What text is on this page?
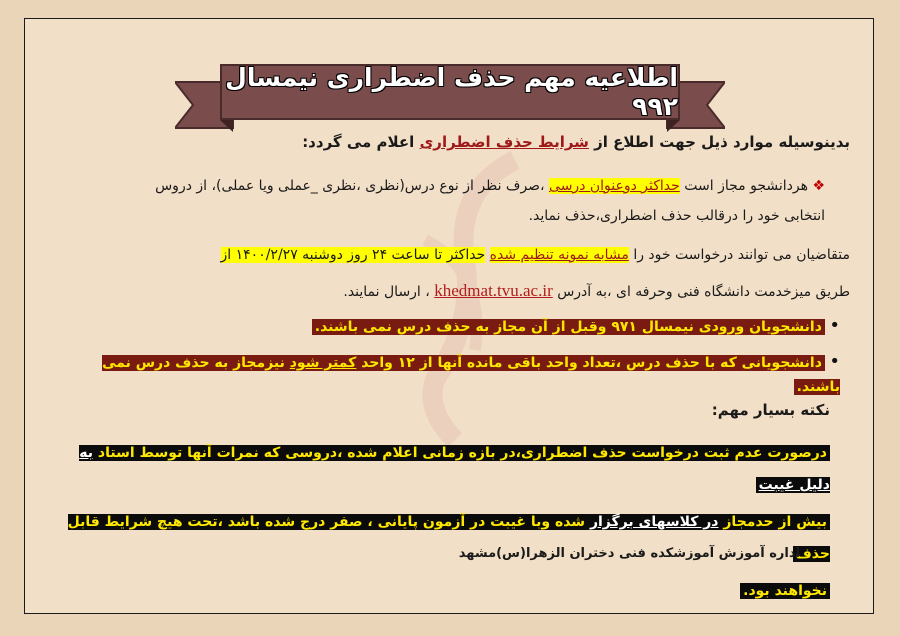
اطلاعیه مهم حذف اضطراری نیمسال ۹۹۲
بدینوسیله موارد ذیل جهت اطلاع از شرایط حذف اضطراری اعلام می گردد:
❖ هردانشجو مجاز است حداکثر دوعنوان درسی ،صرف نظر از نوع درس(نظری ،نظری _عملی ویا عملی)، از دروس
انتخابی خود را درقالب حذف اضطراری،حذف نماید.
متقاضیان می توانند درخواست خود را مشابه نمونه تنظیم شده حداکثر تا ساعت ۲۴ روز دوشنبه ۱۴۰۰/۲/۲۷ از
طریق میزخدمت دانشگاه فنی وحرفه ای ،به آدرس khedmat.tvu.ac.ir ، ارسال نمایند.
• دانشجویان ورودی نیمسال ۹۷۱ وقبل از آن مجاز به حذف درس نمی باشند.
• دانشجویانی که با حذف درس ،تعداد واحد باقی مانده آنها از ۱۲ واحد کمتر شود نیزمجاز به حذف درس نمی باشند.
نکته بسیار مهم:
درصورت عدم ثبت درخواست حذف اضطراری،در بازه زمانی اعلام شده ،دروسی که نمرات آنها توسط استاد به دلیل غیبت
بیش از حدمجاز در کلاسهای برگزار شده وبا غیبت در آزمون پایانی ، صفر درج شده باشد ،تحت هیچ شرایط قابل حذف
نخواهند بود.
اداره آموزش آموزشکده فنی دختران الزهرا(س)مشهد
